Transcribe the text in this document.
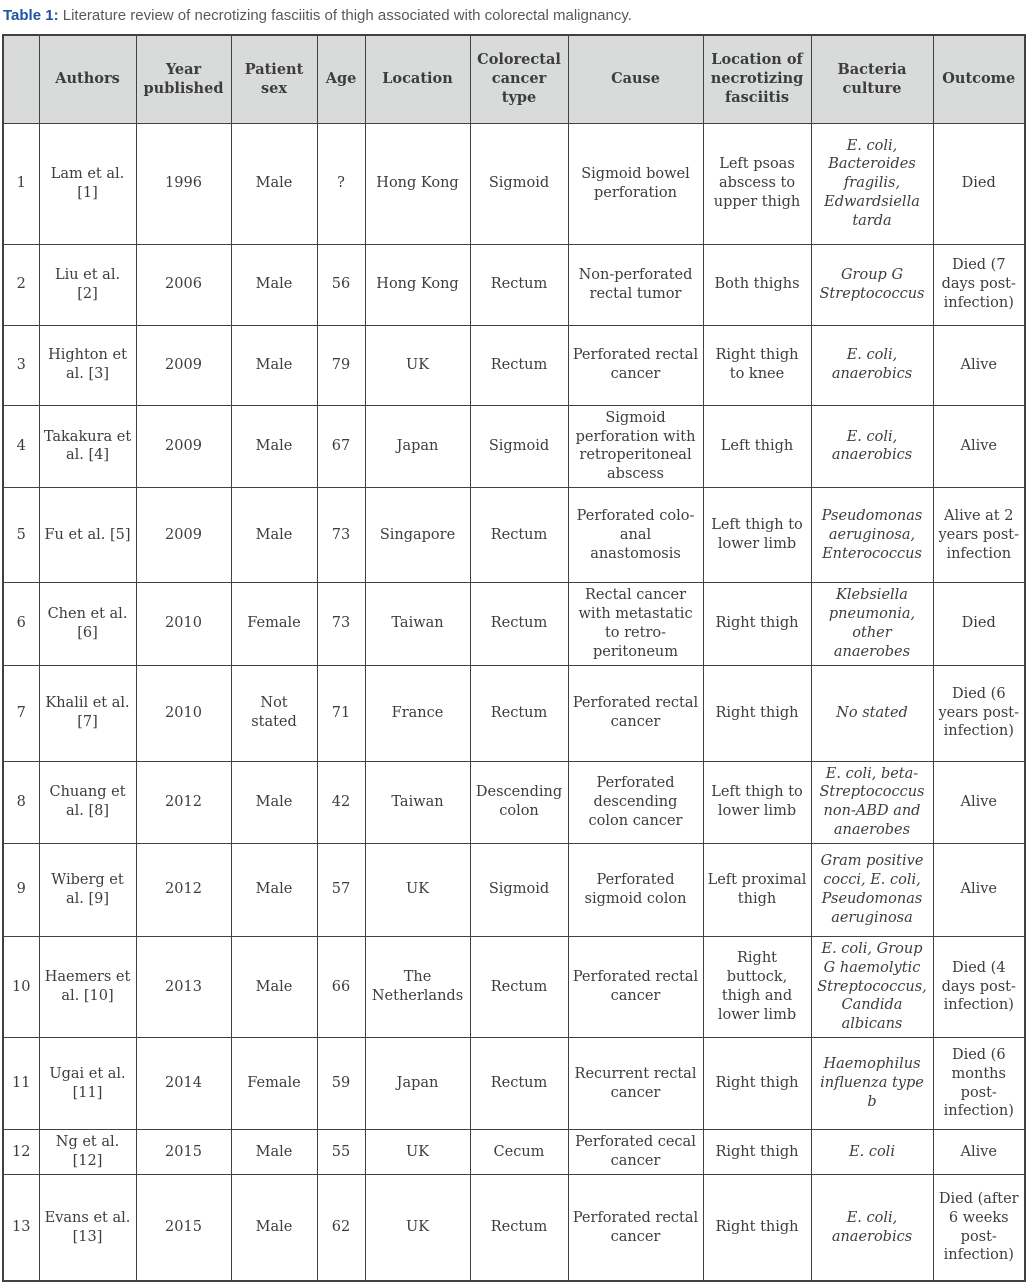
Table 1: Literature review of necrotizing fasciitis of thigh associated with colorectal malignancy.
	Authors	Year published	Patient sex	Age	Location	Colorectal cancer type	Cause	Location of necrotizing fasciitis	Bacteria culture	Outcome
1	Lam et al. [1]	1996	Male	?	Hong Kong	Sigmoid	Sigmoid bowel perforation	Left psoas abscess to upper thigh	E. coli, Bacteroides fragilis, Edwardsiella tarda	Died
2	Liu et al. [2]	2006	Male	56	Hong Kong	Rectum	Non-perforated rectal tumor	Both thighs	Group G Streptococcus	Died (7 days post-infection)
3	Highton et al. [3]	2009	Male	79	UK	Rectum	Perforated rectal cancer	Right thigh to knee	E. coli, anaerobics	Alive
4	Takakura et al. [4]	2009	Male	67	Japan	Sigmoid	Sigmoid perforation with retroperitoneal abscess	Left thigh	E. coli, anaerobics	Alive
5	Fu et al. [5]	2009	Male	73	Singapore	Rectum	Perforated colo-anal anastomosis	Left thigh to lower limb	Pseudomonas aeruginosa, Enterococcus	Alive at 2 years post-infection
6	Chen et al. [6]	2010	Female	73	Taiwan	Rectum	Rectal cancer with metastatic to retro-peritoneum	Right thigh	Klebsiella pneumonia, other anaerobes	Died
7	Khalil et al. [7]	2010	Not stated	71	France	Rectum	Perforated rectal cancer	Right thigh	No stated	Died (6 years post-infection)
8	Chuang et al. [8]	2012	Male	42	Taiwan	Descending colon	Perforated descending colon cancer	Left thigh to lower limb	E. coli, beta-Streptococcus non-ABD and anaerobes	Alive
9	Wiberg et al. [9]	2012	Male	57	UK	Sigmoid	Perforated sigmoid colon	Left proximal thigh	Gram positive cocci, E. coli, Pseudomonas aeruginosa	Alive
10	Haemers et al. [10]	2013	Male	66	The Netherlands	Rectum	Perforated rectal cancer	Right buttock, thigh and lower limb	E. coli, Group G haemolytic Streptococcus, Candida albicans	Died (4 days post-infection)
11	Ugai et al. [11]	2014	Female	59	Japan	Rectum	Recurrent rectal cancer	Right thigh	Haemophilus influenza type b	Died (6 months post-infection)
12	Ng et al. [12]	2015	Male	55	UK	Cecum	Perforated cecal cancer	Right thigh	E. coli	Alive
13	Evans et al. [13]	2015	Male	62	UK	Rectum	Perforated rectal cancer	Right thigh	E. coli, anaerobics	Died (after 6 weeks post-infection)
